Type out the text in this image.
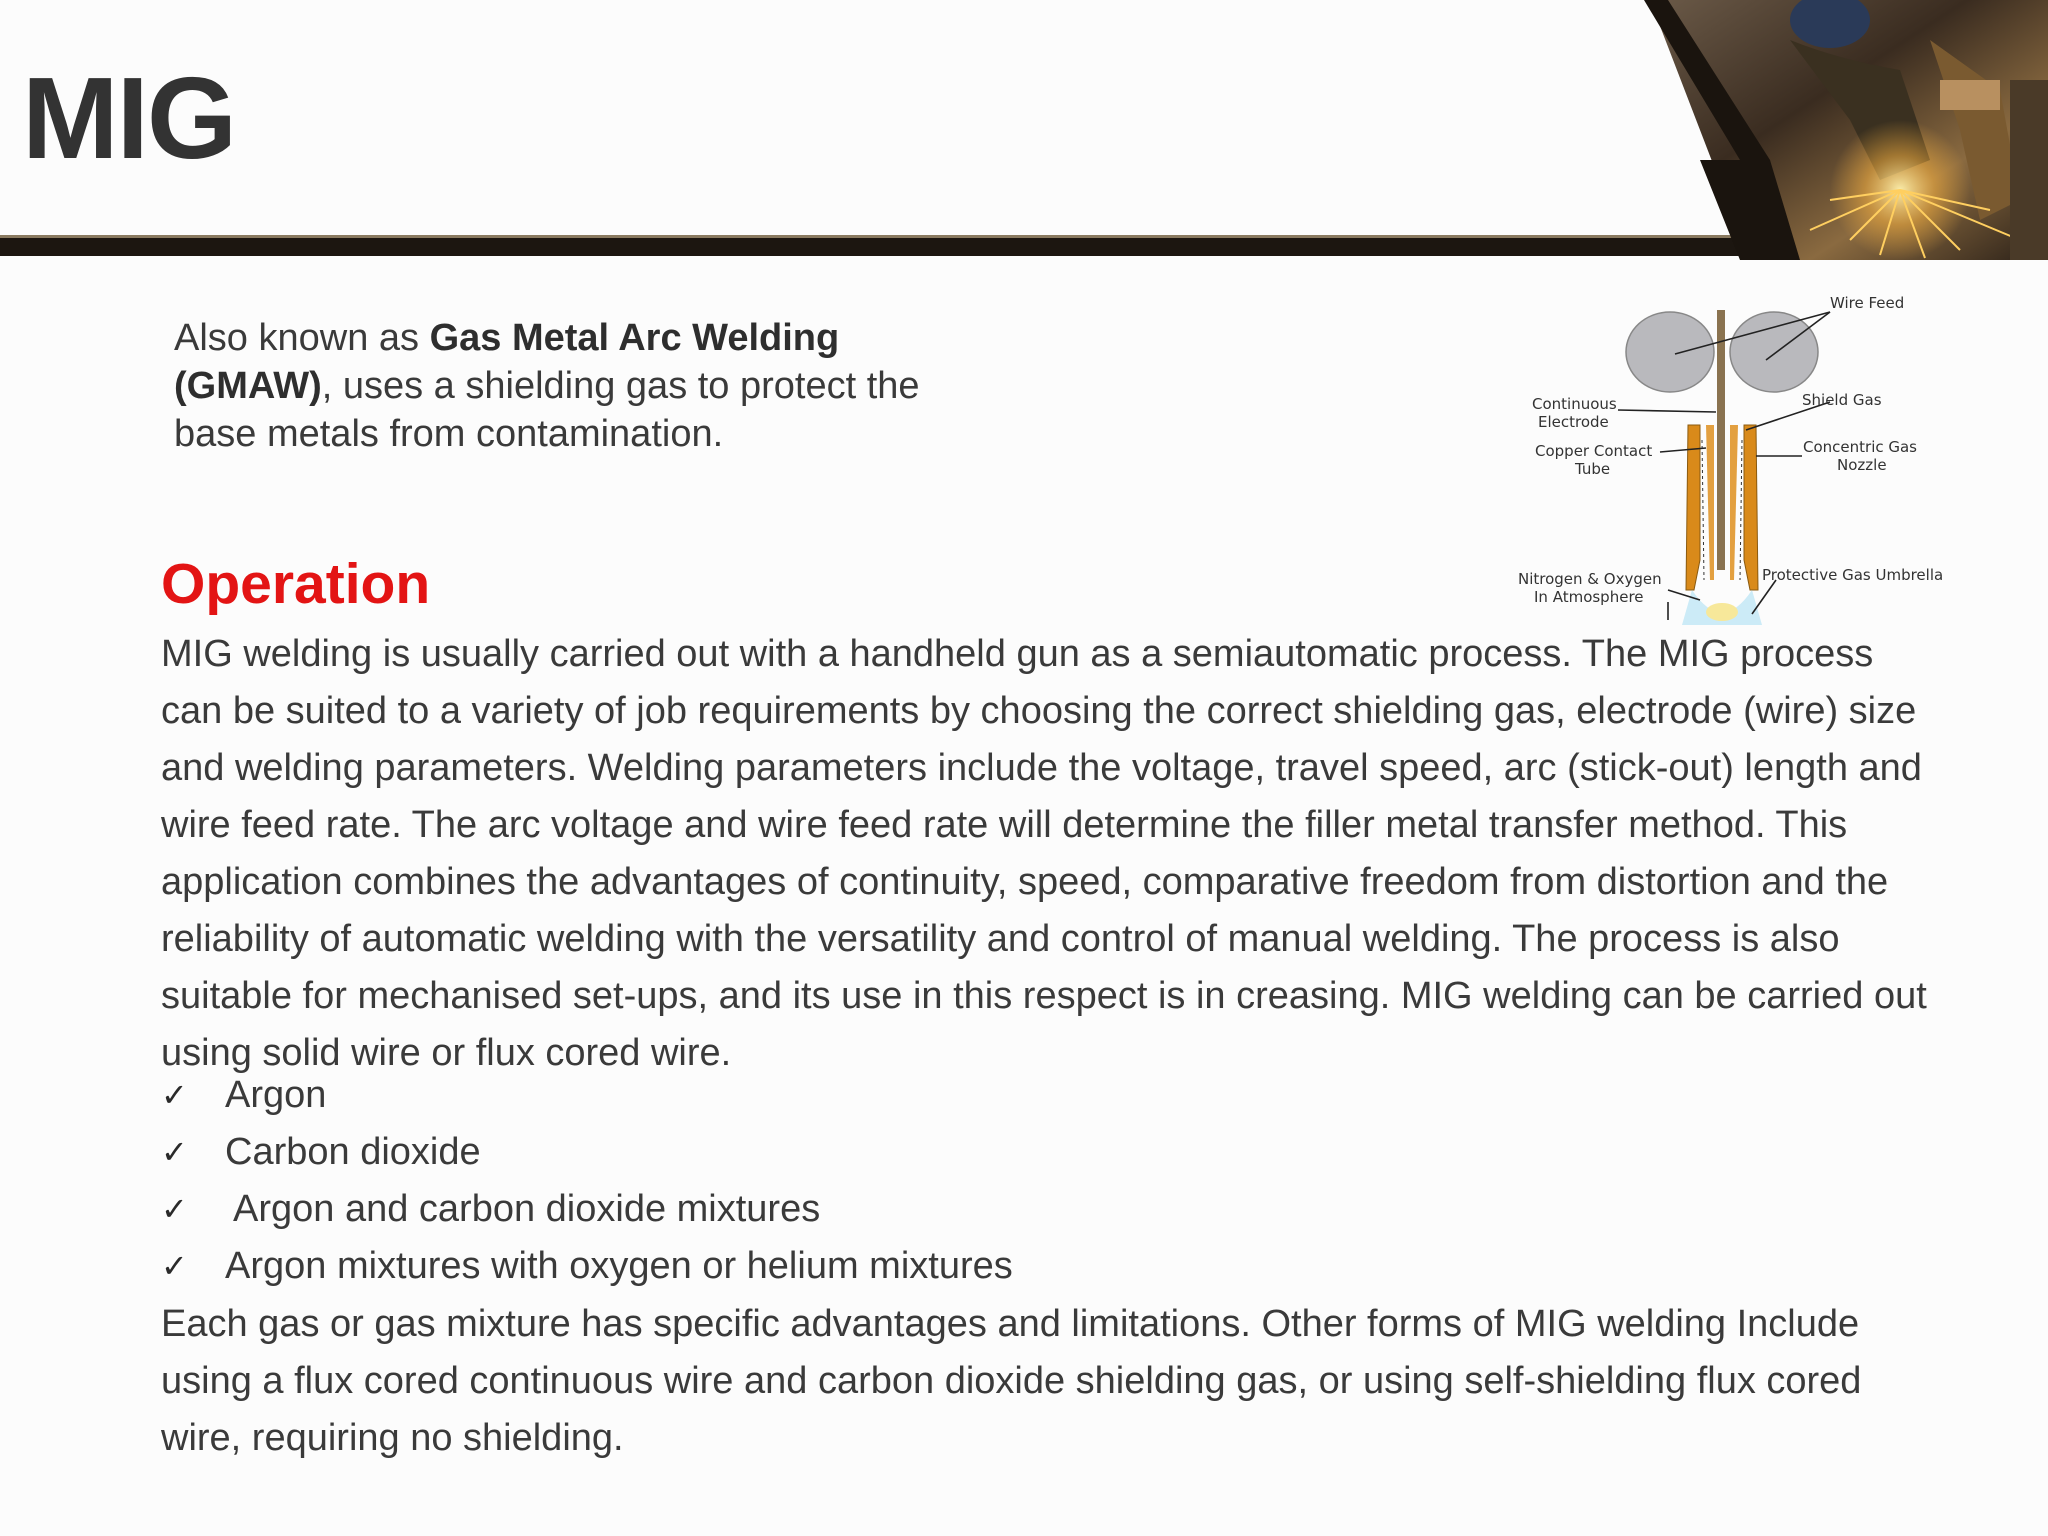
MIG

Also known as Gas Metal Arc Welding (GMAW), uses a shielding gas to protect the base metals from contamination.

Wire Feed
Continuous
Electrode
Shield Gas
Copper Contact
Tube
Concentric Gas
Nozzle
Nitrogen & Oxygen
In Atmosphere
Protective Gas Umbrella
Operation

MIG welding is usually carried out with a handheld gun as a semiautomatic process. The MIG process can be suited to a variety of job requirements by choosing the correct shielding gas, electrode (wire) size and welding parameters. Welding parameters include the voltage, travel speed, arc (stick-out) length and wire feed rate. The arc voltage and wire feed rate will determine the filler metal transfer method. This application combines the advantages of continuity, speed, comparative freedom from distortion and the reliability of automatic welding with the versatility and control of manual welding. The process is also suitable for mechanised set-ups, and its use in this respect is in creasing. MIG welding can be carried out using solid wire or flux cored wire.

✓ Argon
✓ Carbon dioxide
✓	Argon and carbon dioxide mixtures
✓ Argon mixtures with oxygen or helium mixtures

Each gas or gas mixture has specific advantages and limitations. Other forms of MIG welding Include using a flux cored continuous wire and carbon dioxide shielding gas, or using self-shielding flux cored wire, requiring no shielding.
